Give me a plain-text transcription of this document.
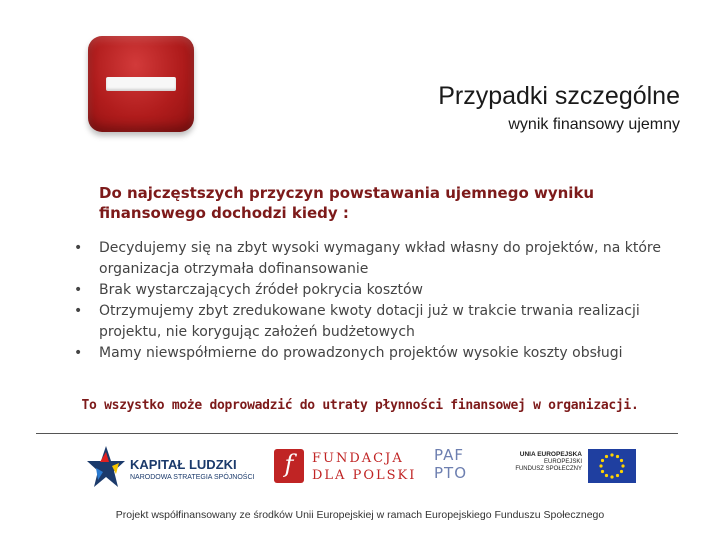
Przypadki szczególne
wynik finansowy ujemny
Do najczęstszych przyczyn powstawania ujemnego wyniku finansowego dochodzi kiedy :
• Decydujemy się na zbyt wysoki wymagany wkład własny do projektów, na które organizacja otrzymała dofinansowanie
• Brak wystarczających źródeł pokrycia kosztów
• Otrzymujemy zbyt zredukowane kwoty dotacji już w trakcie trwania realizacji projektu, nie korygując założeń budżetowych
• Mamy niewspółmierne do prowadzonych projektów wysokie koszty obsługi
To wszystko może doprowadzić do utraty płynności finansowej w organizacji.
KAPITAŁ LUDZKI
NARODOWA STRATEGIA SPÓJNOŚCI	f	FUNDACJA
DLA POLSKI
PAF
PTO
UNIA EUROPEJSKA
EUROPEJSKI
FUNDUSZ SPOŁECZNY
Projekt współfinansowany ze środków Unii Europejskiej w ramach Europejskiego Funduszu Społecznego
